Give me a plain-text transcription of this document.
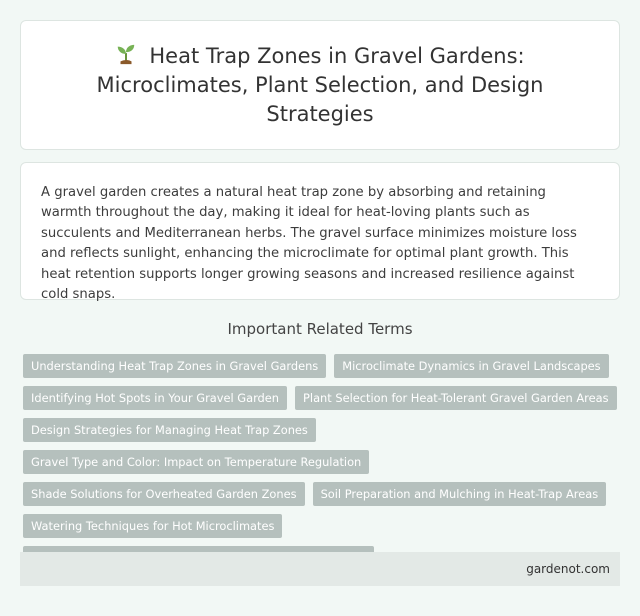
Heat Trap Zones in Gravel Gardens: Microclimates, Plant Selection, and Design Strategies

A gravel garden creates a natural heat trap zone by absorbing and retaining warmth throughout the day, making it ideal for heat-loving plants such as succulents and Mediterranean herbs. The gravel surface minimizes moisture loss and reflects sunlight, enhancing the microclimate for optimal plant growth. This heat retention supports longer growing seasons and increased resilience against cold snaps.

Important Related Terms
Understanding Heat Trap Zones in Gravel Gardens	Microclimate Dynamics in Gravel Landscapes
Identifying Hot Spots in Your Gravel Garden	Plant Selection for Heat-Tolerant Gravel Garden Areas
Design Strategies for Managing Heat Trap Zones
Gravel Type and Color: Impact on Temperature Regulation
Shade Solutions for Overheated Garden Zones	Soil Preparation and Mulching in Heat-Trap Areas
Watering Techniques for Hot Microclimates
gardenot.com
